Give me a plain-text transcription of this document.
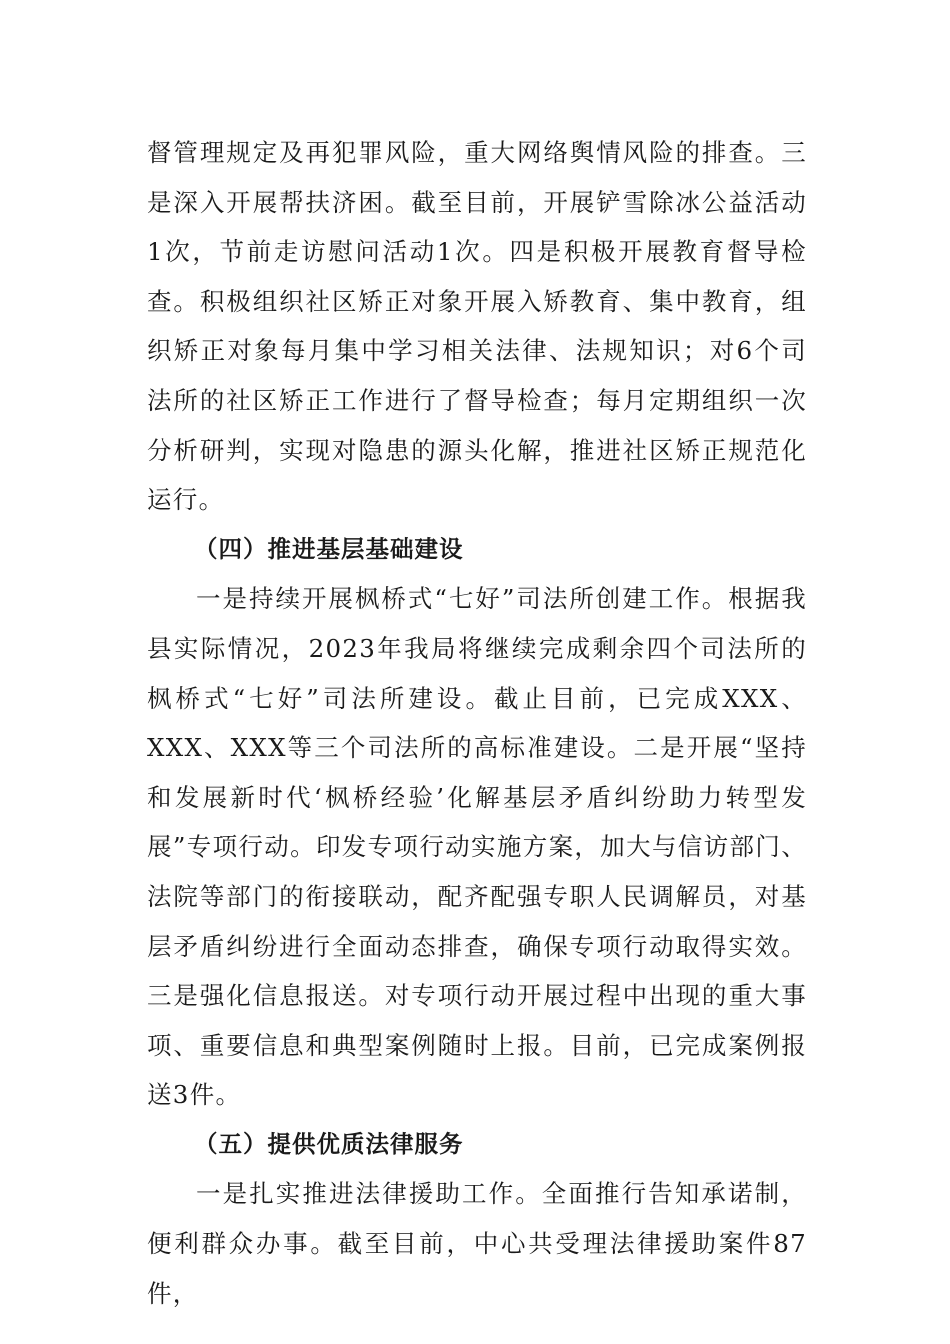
督管理规定及再犯罪风险，重大网络舆情风险的排查。三是深入开展帮扶济困。截至目前，开展铲雪除冰公益活动1次，节前走访慰问活动1次。四是积极开展教育督导检查。积极组织社区矫正对象开展入矫教育、集中教育，组织矫正对象每月集中学习相关法律、法规知识；对6个司法所的社区矫正工作进行了督导检查；每月定期组织一次分析研判，实现对隐患的源头化解，推进社区矫正规范化运行。

（四）推进基层基础建设

一是持续开展枫桥式“七好”司法所创建工作。根据我县实际情况，2023年我局将继续完成剩余四个司法所的枫桥式“七好”司法所建设。截止目前，已完成XXX、XXX、XXX等三个司法所的高标准建设。二是开展“坚持和发展新时代‘枫桥经验’化解基层矛盾纠纷助力转型发展”专项行动。印发专项行动实施方案，加大与信访部门、法院等部门的衔接联动，配齐配强专职人民调解员，对基层矛盾纠纷进行全面动态排查，确保专项行动取得实效。三是强化信息报送。对专项行动开展过程中出现的重大事项、重要信息和典型案例随时上报。目前，已完成案例报送3件。

（五）提供优质法律服务

一是扎实推进法律援助工作。全面推行告知承诺制，便利群众办事。截至目前，中心共受理法律援助案件87件，
